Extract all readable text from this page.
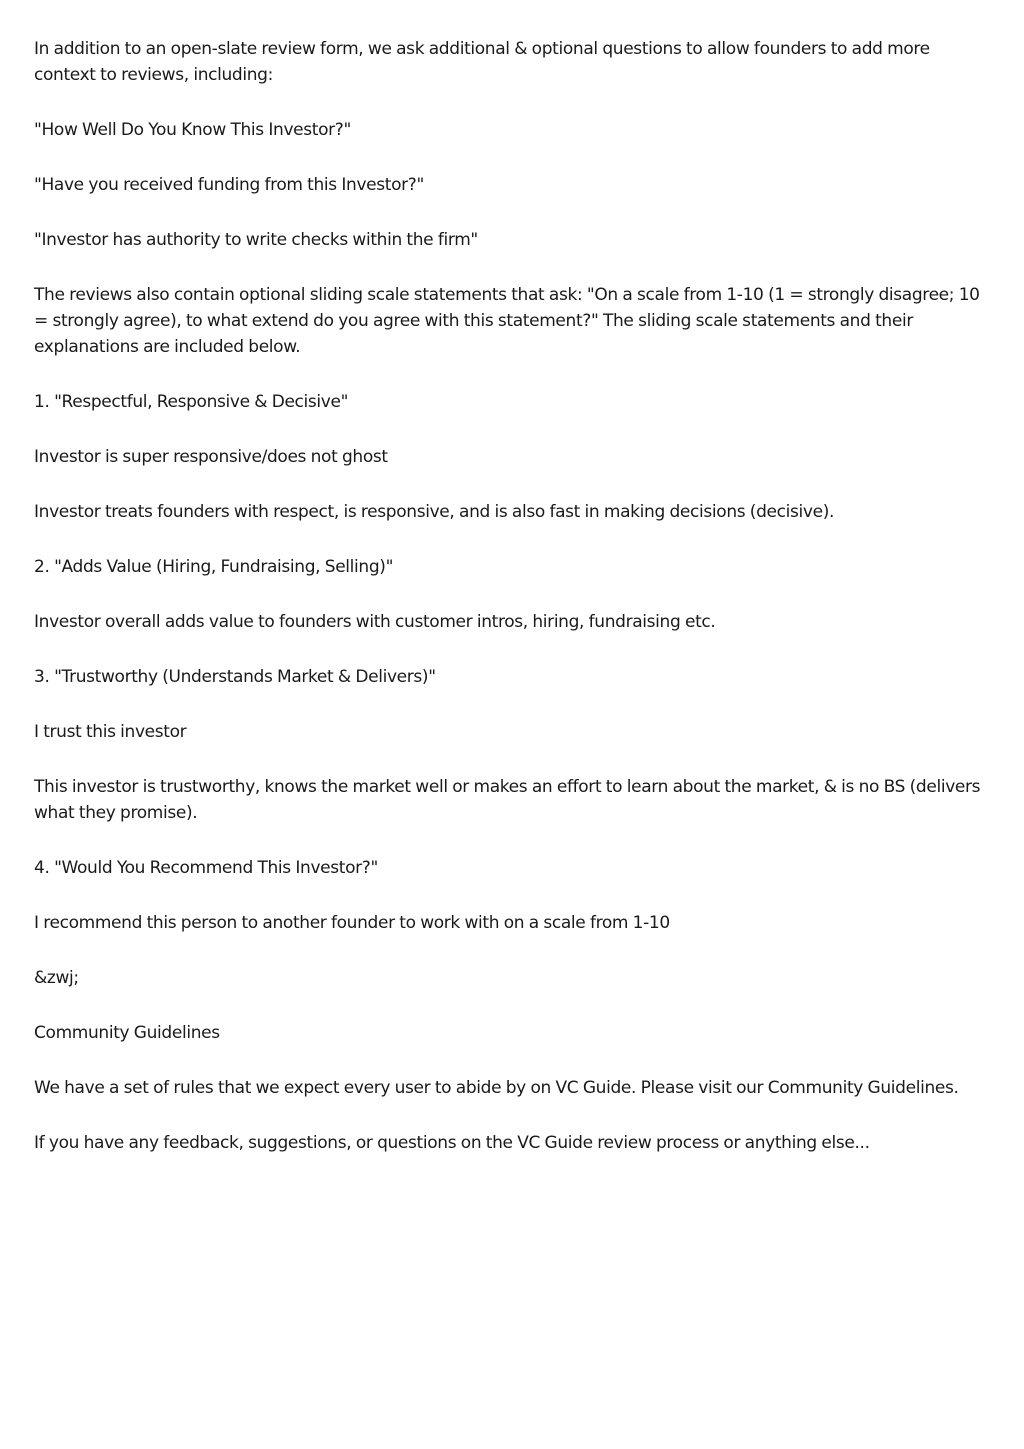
In addition to an open-slate review form, we ask additional & optional questions to allow founders to add more context to reviews, including:

"How Well Do You Know This Investor?"

"Have you received funding from this Investor?"

"Investor has authority to write checks within the firm"

The reviews also contain optional sliding scale statements that ask: "On a scale from 1-10 (1 = strongly disagree; 10 = strongly agree), to what extend do you agree with this statement?" The sliding scale statements and their explanations are included below.

1. "Respectful, Responsive & Decisive"

Investor is super responsive/does not ghost

Investor treats founders with respect, is responsive, and is also fast in making decisions (decisive).

2. "Adds Value (Hiring, Fundraising, Selling)"

Investor overall adds value to founders with customer intros, hiring, fundraising etc.

3. "Trustworthy (Understands Market & Delivers)"

I trust this investor

This investor is trustworthy, knows the market well or makes an effort to learn about the market, & is no BS (delivers what they promise).

4. "Would You Recommend This Investor?"

I recommend this person to another founder to work with on a scale from 1-10

&zwj;

Community Guidelines

We have a set of rules that we expect every user to abide by on VC Guide. Please visit our Community Guidelines.

If you have any feedback, suggestions, or questions on the VC Guide review process or anything else...
